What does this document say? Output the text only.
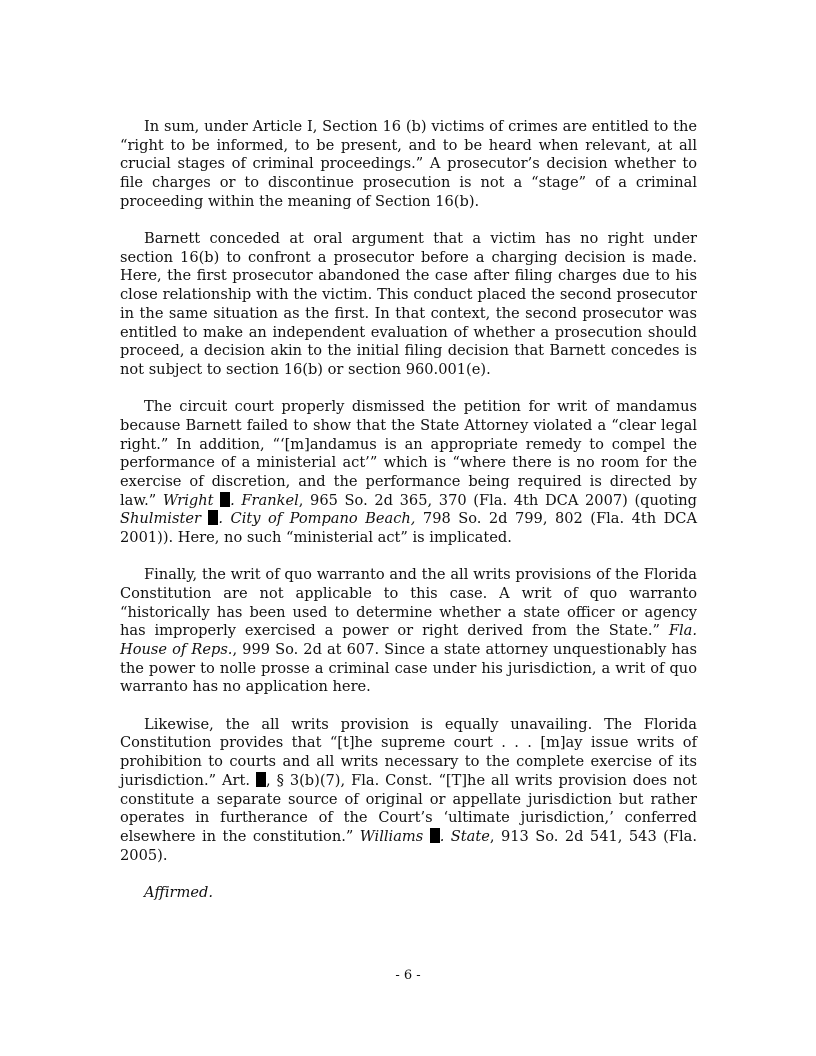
In sum, under Article I, Section 16 (b) victims of crimes are entitled to the “right to be informed, to be present, and to be heard when relevant, at all crucial stages of criminal proceedings.” A prosecutor’s decision whether to file charges or to discontinue prosecution is not a “stage” of a criminal proceeding within the meaning of Section 16(b).

Barnett conceded at oral argument that a victim has no right under section 16(b) to confront a prosecutor before a charging decision is made. Here, the first prosecutor abandoned the case after filing charges due to his close relationship with the victim. This conduct placed the second prosecutor in the same situation as the first. In that context, the second prosecutor was entitled to make an independent evaluation of whether a prosecution should proceed, a decision akin to the initial filing decision that Barnett concedes is not subject to section 16(b) or section 960.001(e).

The circuit court properly dismissed the petition for writ of mandamus because Barnett failed to show that the State Attorney violated a “clear legal right.” In addition, “‘[m]andamus is an appropriate remedy to compel the performance of a ministerial act’” which is “where there is no room for the exercise of discretion, and the performance being required is directed by law.” Wright . Frankel, 965 So. 2d 365, 370 (Fla. 4th DCA 2007) (quoting Shulmister . City of Pompano Beach, 798 So. 2d 799, 802 (Fla. 4th DCA 2001)). Here, no such “ministerial act” is implicated.

Finally, the writ of quo warranto and the all writs provisions of the Florida Constitution are not applicable to this case. A writ of quo warranto “historically has been used to determine whether a state officer or agency has improperly exercised a power or right derived from the State.” Fla. House of Reps., 999 So. 2d at 607. Since a state attorney unquestionably has the power to nolle prosse a criminal case under his jurisdiction, a writ of quo warranto has no application here.

Likewise, the all writs provision is equally unavailing. The Florida Constitution provides that “[t]he supreme court . . . [m]ay issue writs of prohibition to courts and all writs necessary to the complete exercise of its jurisdiction.” Art. , § 3(b)(7), Fla. Const. “[T]he all writs provision does not constitute a separate source of original or appellate jurisdiction but rather operates in furtherance of the Court’s ‘ultimate jurisdiction,’ conferred elsewhere in the constitution.” Williams . State, 913 So. 2d 541, 543 (Fla. 2005).

Affirmed.

- 6 -
